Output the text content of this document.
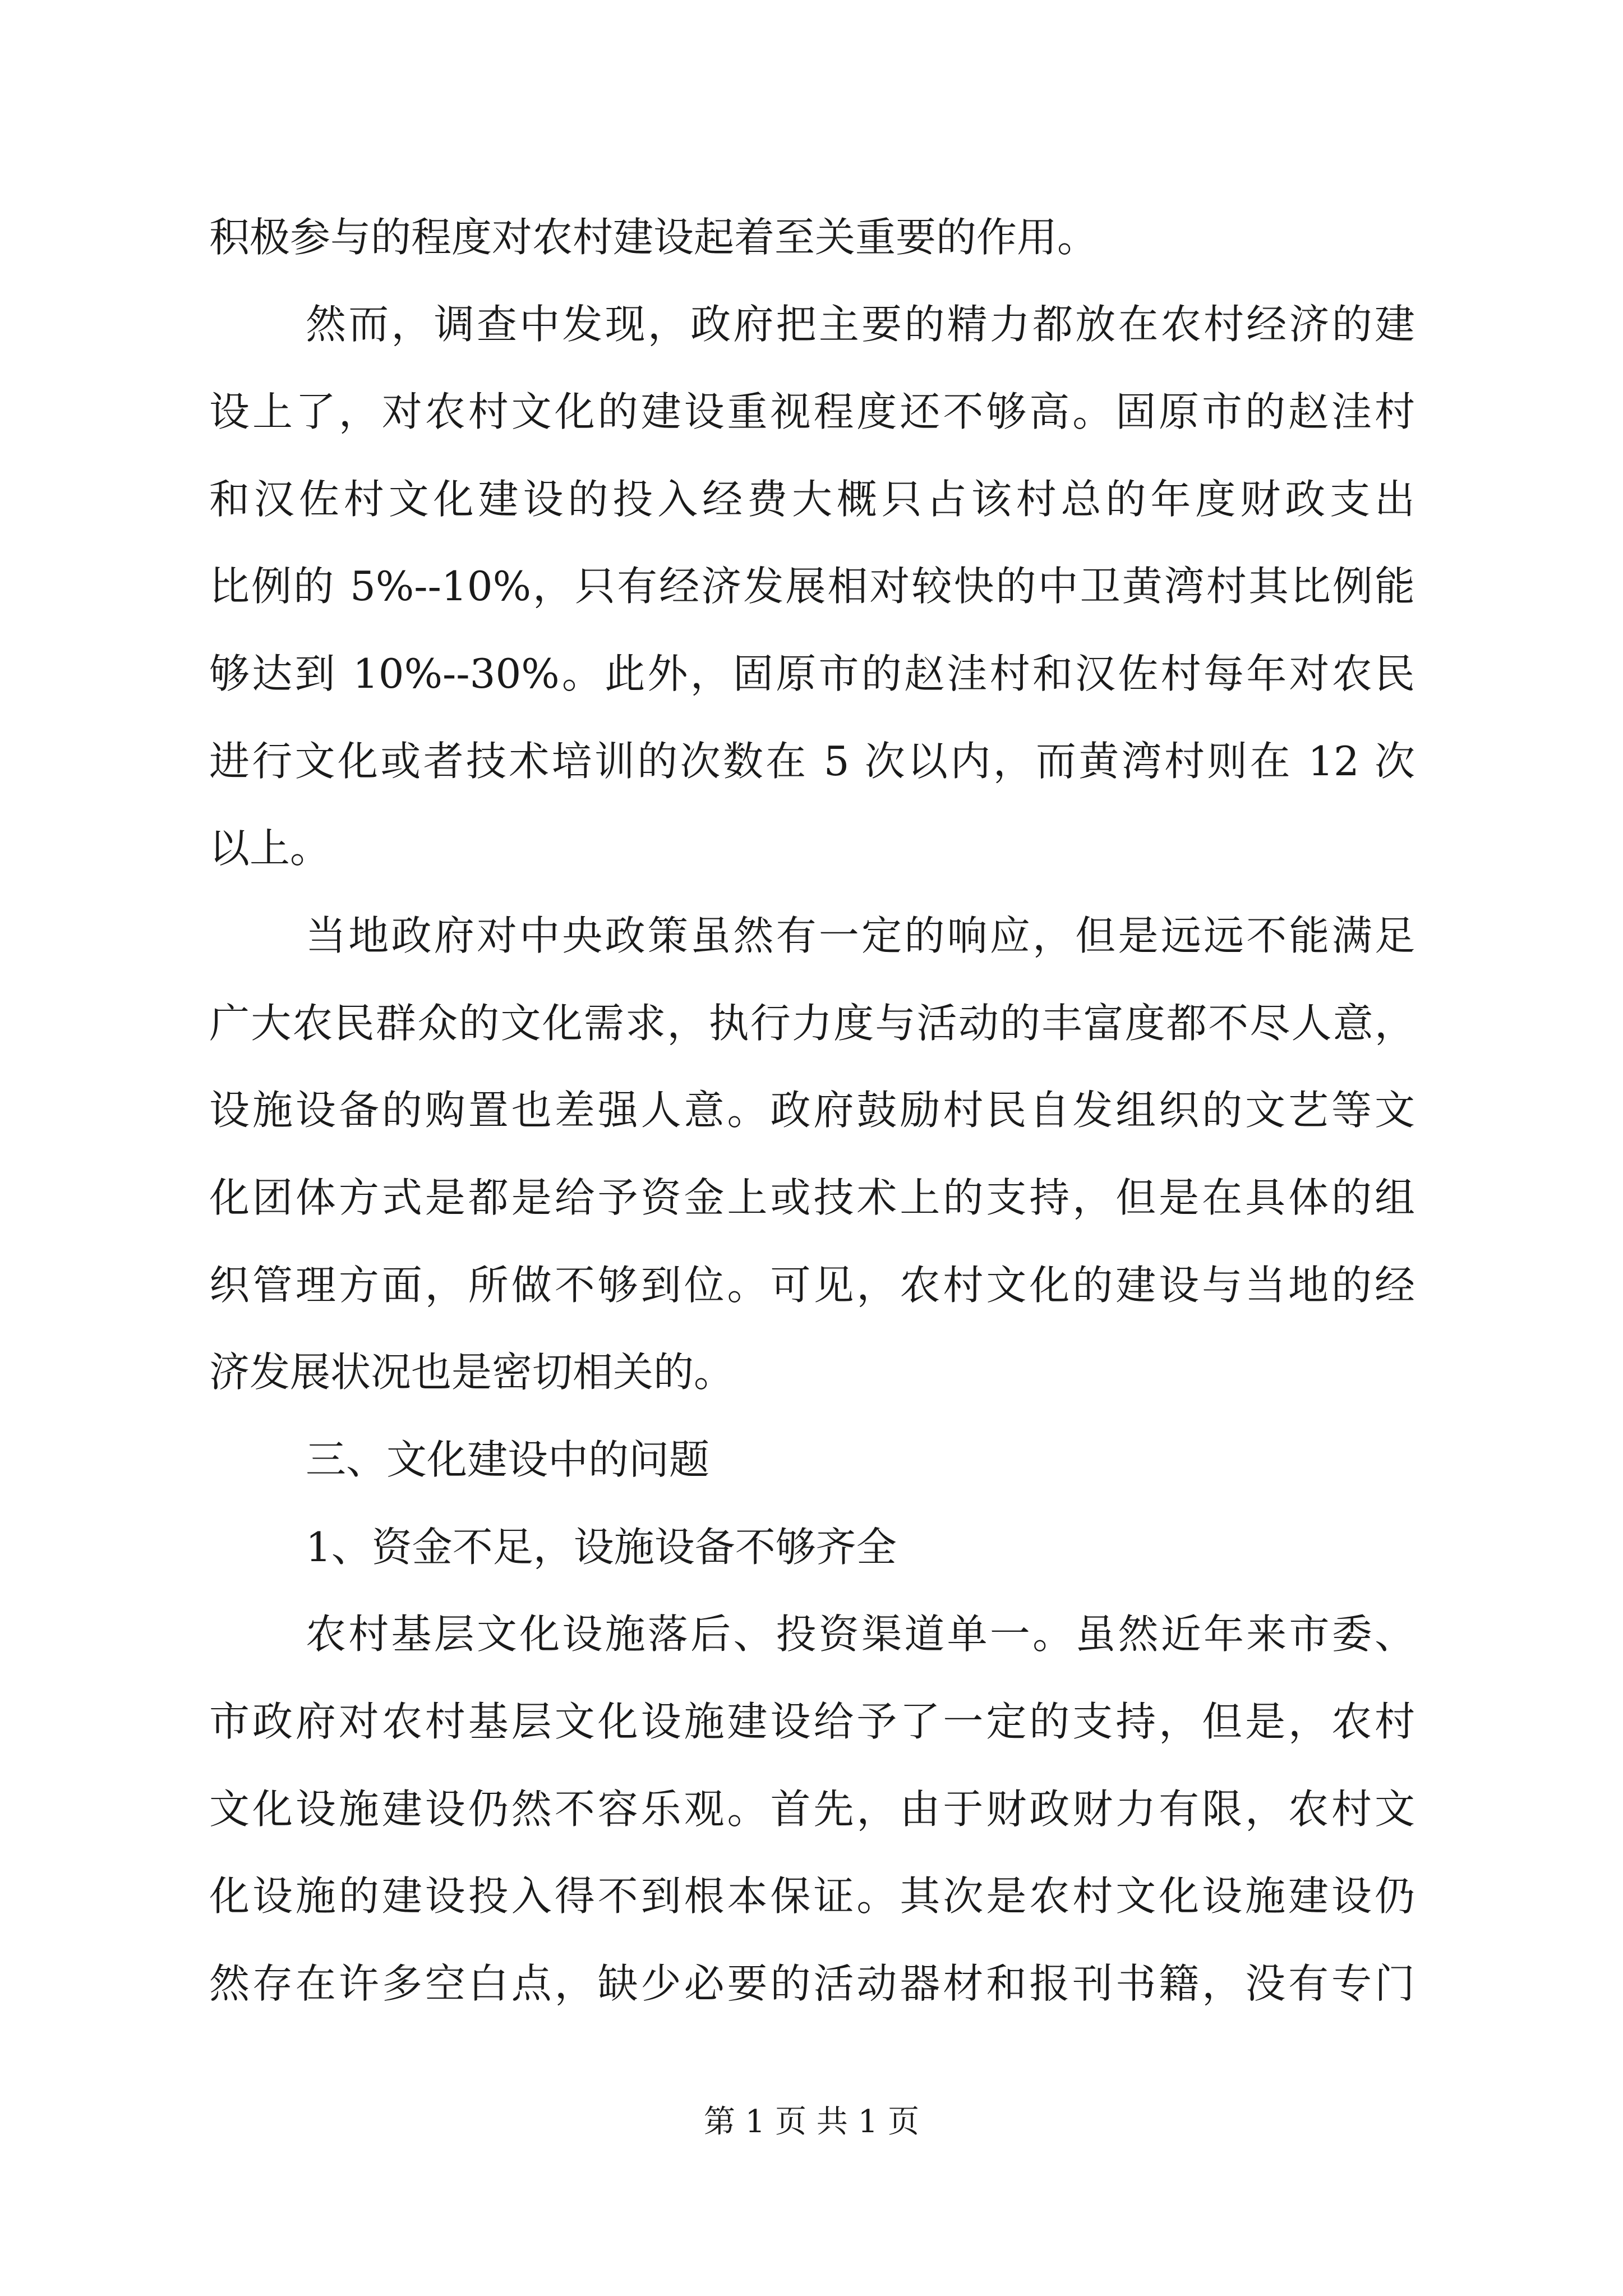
积极参与的程度对农村建设起着至关重要的作用。
然而，调查中发现，政府把主要的精力都放在农村经济的建
设上了，对农村文化的建设重视程度还不够高。固原市的赵洼村
和汉佐村文化建设的投入经费大概只占该村总的年度财政支出
比例的 5%--10%，只有经济发展相对较快的中卫黄湾村其比例能
够达到 10%--30%。此外，固原市的赵洼村和汉佐村每年对农民
进行文化或者技术培训的次数在 5 次以内，而黄湾村则在 12 次
以上。
当地政府对中央政策虽然有一定的响应，但是远远不能满足
广大农民群众的文化需求，执行力度与活动的丰富度都不尽人意，
设施设备的购置也差强人意。政府鼓励村民自发组织的文艺等文
化团体方式是都是给予资金上或技术上的支持，但是在具体的组
织管理方面，所做不够到位。可见，农村文化的建设与当地的经
济发展状况也是密切相关的。
三、文化建设中的问题
1、资金不足，设施设备不够齐全
农村基层文化设施落后、投资渠道单一。虽然近年来市委、
市政府对农村基层文化设施建设给予了一定的支持，但是，农村
文化设施建设仍然不容乐观。首先，由于财政财力有限，农村文
化设施的建设投入得不到根本保证。其次是农村文化设施建设仍
然存在许多空白点，缺少必要的活动器材和报刊书籍，没有专门
第 1 页 共 1 页
